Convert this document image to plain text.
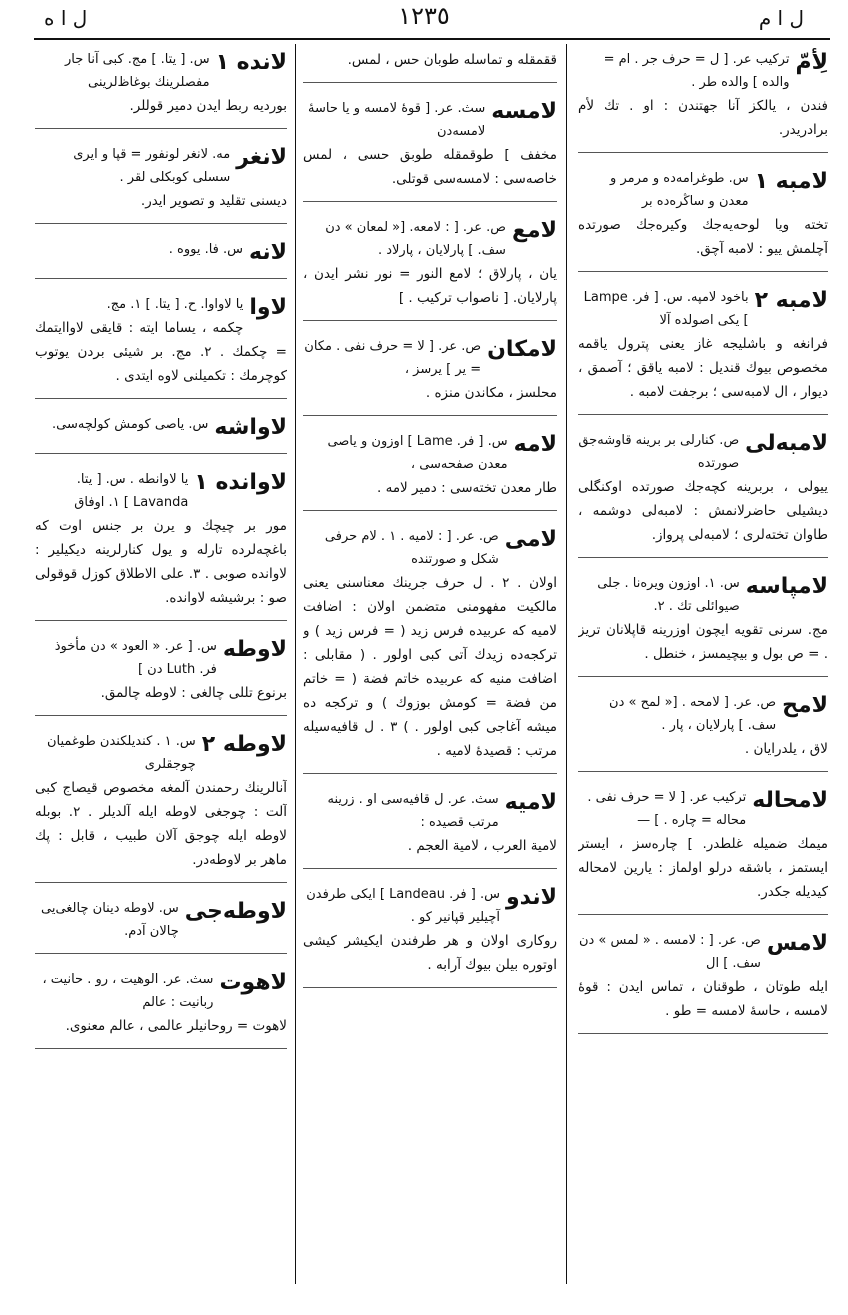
ل ا ه	١٢٣٥	ل ا م
لِأُمّ
ترکیب عر. [ ل = حرف جر . ام = والده ] والده طر .
فندن ، یالکز آنا جهتندن : او . تك لأم برادریدر.
لامبه ١
س. طوغرامه‌ده و مرمر و معدن و ساڭره‌ده بر
تخته ویا لوحه‌یه‌جك وکیره‌جك صورتده آچلمش ییو : لامبه آچق.
لامبه ٢
باخود لامپه. س. [ فر. Lampe ] یکی اصولده آلا
فرانغه و باشلیجه غاز یعنی پترول یاقمه مخصوص بیوك قندیل : لامبه یاقق ؛ آصمق ، دیوار ، ال لامبه‌سی ؛ برجفت لامبه .
لامبه‌لی
ص. کنارلی بر برینه قاوشه‌جق صورتده
ییولی ، بربرینه کچه‌جك صورتده اوکنگلی دیشیلی حاضرلانمش : لامبه‌لی دوشمه ، طاوان تخته‌لری ؛ لامبه‌لی پرواز.
لامپاسه
س. ١. اوزون ویره‌نا . جلی صیوائلی تك . ٢.
مج. سرنی تقویه ایچون اوزرینه قاپلانان تریز . = ص بول و بیچیمسز ، خنطل .
لامح
ص. عر. [ لامحه . [« لمح » دن سف. ] پارلایان ، پار .
لاق ، یلدرایان .
لامحاله
ترکیب عر. [ لا = حرف نفی . محاله = چاره . ] —
میمك ضمیله غلطدر. ] چاره‌سز ، ایستر ایستمز ، باشقه درلو اولماز : یارین لامحاله کیدیله جکدر.
لامس
ص. عر. [ : لامسه . « لمس » دن سف. ] ال
ایله طوتان ، طوقنان ، تماس ایدن : قوهٔ لامسه ، حاسهٔ لامسه = طو .
ققمقله و تماسله طوبان حس ، لمس.
لامسه
سث. عر. [ قوهٔ لامسه و یا حاسهٔ لامسه‌دن
مخفف ] طوقمقله طوبق حسی ، لمس خاصه‌سی : لامسه‌سی قوتلی.
لامع
ص. عر. [ : لامعه. [« لمعان » دن سف. ] پارلایان ، پارلاد .
یان ، پارلاق ؛ لامع النور = نور نشر ایدن ، پارلایان. [ ناصواب ترکیب . ]
لامکان
ص. عر. [ لا = حرف نفی . مکان = یر ] یرسز ،
محلسز ، مکاندن منزه .
لامه
س. [ فر. Lame ] اوزون و یاصی معدن صفحه‌سی ،
طار معدن تخته‌سی : دمیر لامه .
لامی
ص. عر. [ : لامیه . ١ . لام حرفی شکل و صورتنده
اولان . ٢ . ل حرف جرینك معناسنی یعنی مالکیت مفهومنی متضمن اولان : اضافت لامیه که عربیده فرس زید ( = فرس زید ) و ترکجه‌ده زیدك آتی کبی اولور . ( مقابلی : اضافت منیه که عربیده خاتم فضة ( = خاتم من فضة = کومش بوزوك ) و ترکجه ده میشه آغاجی کبی اولور . ) ٣ . ل قافیه‌سیله مرتب : قصیدهٔ لامیه .
لامیه
سث. عر. ل قافیه‌سی او . زرینه مرتب قصیده :
لامیة العرب ، لامیة العجم .
لاندو
س. [ فر. Landeau ] ایکی طرفدن آچیلیر قپانیر کو .
روکاری اولان و هر طرفندن ایکیشر کیشی اوتوره بیلن بیوك آرابه .
لانده ١
س. [ یتا. ] مج. کبی آنا جار مفصلرینك بوغاظ‌لرینی
بوردیه ربط ایدن دمیر قوللر.
لانغر
مه. لانغر لونفور = قپا و ایری سسلی کوبكلی لقر .
دیسنی تقلید و تصویر ایدر.
لانه
س. فا. یووه .
لاوا
یا لاواوا. ح. [ یتا. ] ١. مج.
چکمه ، یساما ایته : قایقی لاواایتمك = چکمك . ٢. مج. بر شیئی بردن یوتوب کوچرمك : تکمیلنی لاوه ایتدی .
لاواشه
س. یاصی کومش کولچه‌سی.
لاوانده ١
یا لاوانطه . س. [ یتا. Lavanda ] ١. اوفاق
مور بر چیچك و یرن بر جنس اوت که باغچه‌لرده تارله و یول کنارلرینه دیکیلیر : لاوانده صوبی . ٣. علی الاطلاق کوزل قوقولی صو : برشیشه لاوانده.
لاوطه
س. [ عر. « العود » دن مأخوذ فر. Luth دن ]
برنوع تللی چالغی : لاوطه چالمق.
لاوطه ٢
س. ١ . کندیلکندن طوغمیان چوجقلری
آنالرینك رحمندن آلمغه مخصوص قیصاج کبی آلت : چوجغی لاوطه ایله آلدیلر . ٢. بوبله لاوطه ایله چوجق آلان طبیب ، قابل : پك ماهر بر لاوطه‌در.
لاوطه‌جی
س. لاوطه دینان چالغی‌یی چالان آدم.
لاهوت
سث. عر. الوهیت ، رو . حانیت ، ربانیت : عالم
لاهوت = روحانیلر عالمی ، عالم معنوی.
